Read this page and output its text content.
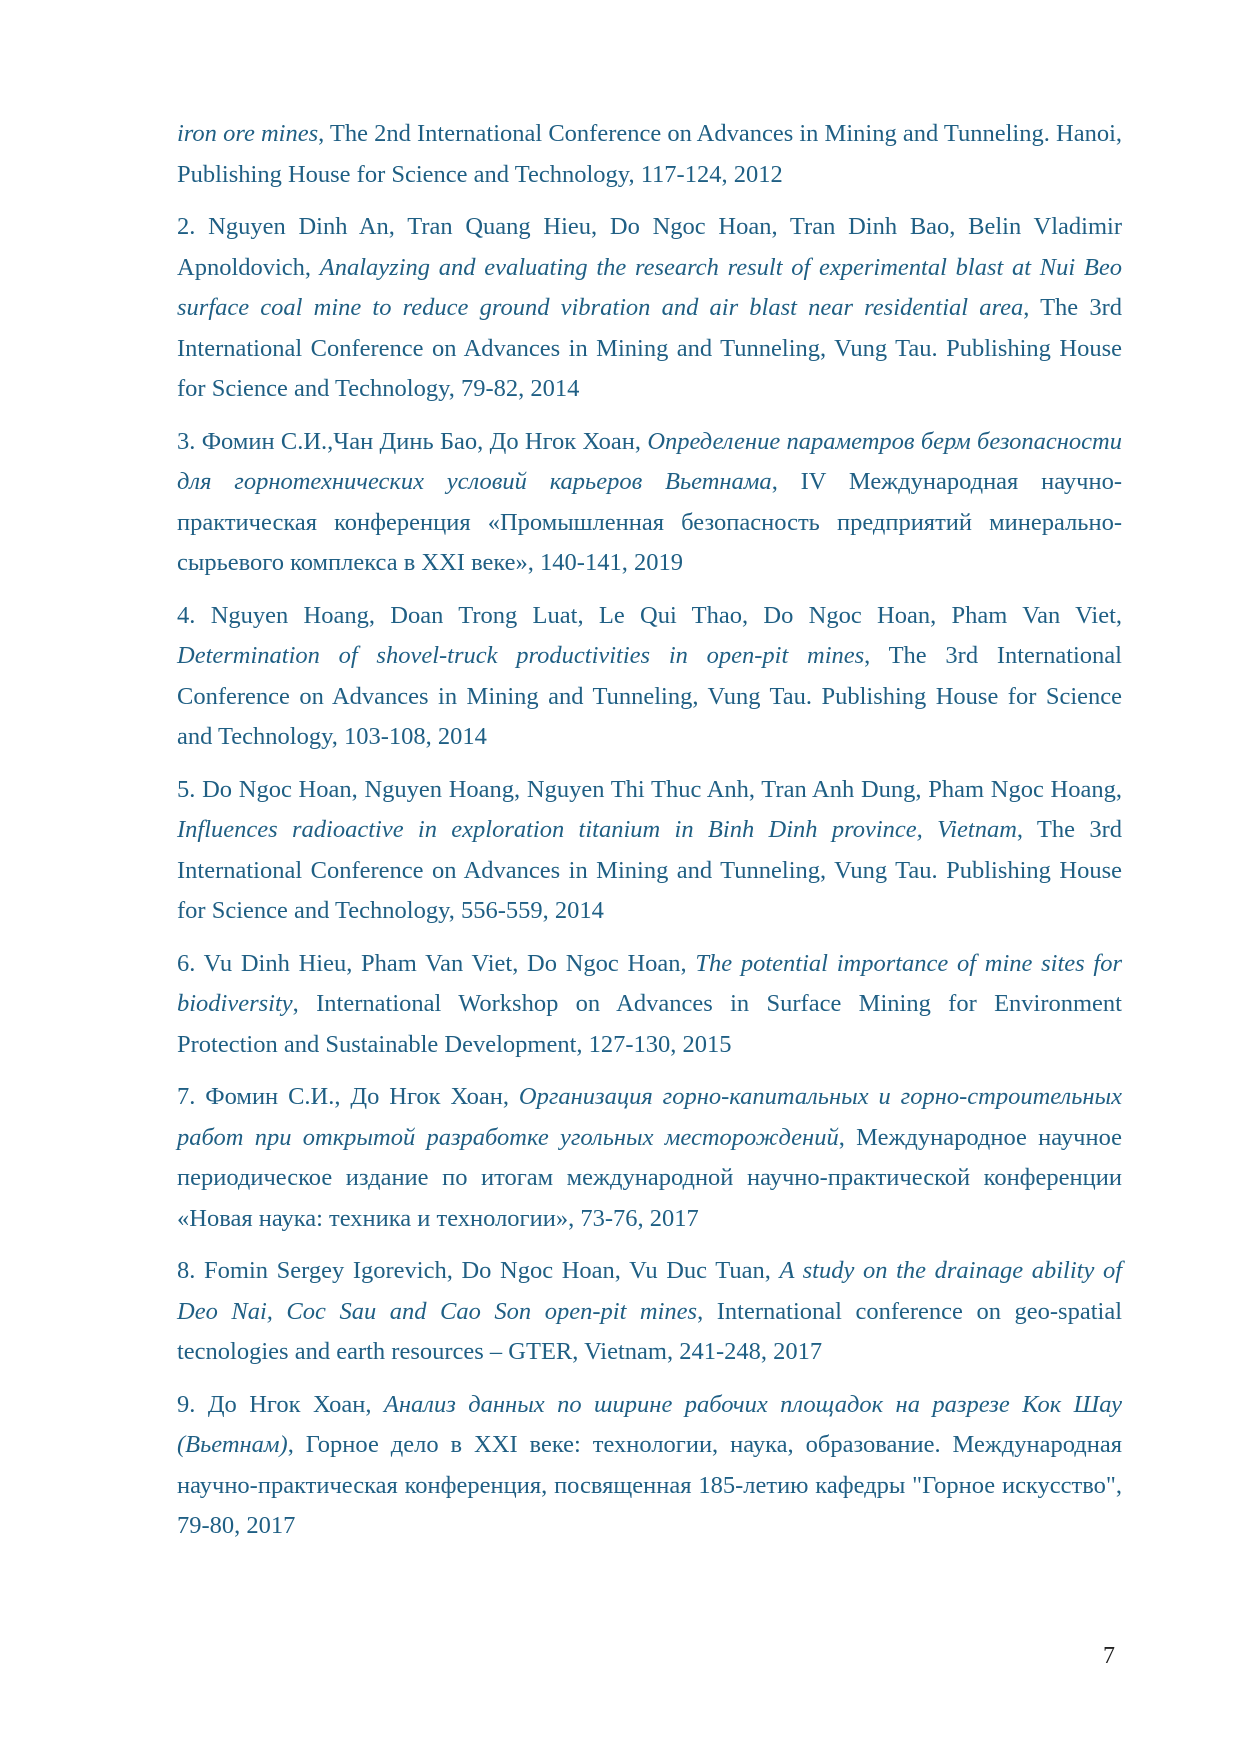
iron ore mines, The 2nd International Conference on Advances in Mining and Tunneling. Hanoi, Publishing House for Science and Technology, 117-124, 2012

2. Nguyen Dinh An, Tran Quang Hieu, Do Ngoc Hoan, Tran Dinh Bao, Belin Vladimir Apnoldovich, Analayzing and evaluating the research result of experimental blast at Nui Beo surface coal mine to reduce ground vibration and air blast near residential area, The 3rd International Conference on Advances in Mining and Tunneling, Vung Tau. Publishing House for Science and Technology, 79-82, 2014

3. Фомин С.И.,Чан Динь Бао, До Нгок Хоан, Определение параметров берм безопасности для горнотехнических условий карьеров Вьетнама, IV Международная научно-практическая конференция «Промышленная безопасность предприятий минерально-сырьевого комплекса в XXI веке», 140-141, 2019

4. Nguyen Hoang, Doan Trong Luat, Le Qui Thao, Do Ngoc Hoan, Pham Van Viet, Determination of shovel-truck productivities in open-pit mines, The 3rd International Conference on Advances in Mining and Tunneling, Vung Tau. Publishing House for Science and Technology, 103-108, 2014

5. Do Ngoc Hoan, Nguyen Hoang, Nguyen Thi Thuc Anh, Tran Anh Dung, Pham Ngoc Hoang, Influences radioactive in exploration titanium in Binh Dinh province, Vietnam, The 3rd International Conference on Advances in Mining and Tunneling, Vung Tau. Publishing House for Science and Technology, 556-559, 2014

6. Vu Dinh Hieu, Pham Van Viet, Do Ngoc Hoan, The potential importance of mine sites for biodiversity, International Workshop on Advances in Surface Mining for Environment Protection and Sustainable Development, 127-130, 2015

7. Фомин С.И., До Нгок Хоан, Организация горно-капитальных и горно-строительных работ при открытой разработке угольных месторождений, Международное научное периодическое издание по итогам международной научно-практической конференции «Новая наука: техника и технологии», 73-76, 2017

8. Fomin Sergey Igorevich, Do Ngoc Hoan, Vu Duc Tuan, A study on the drainage ability of Deo Nai, Coc Sau and Cao Son open-pit mines, International conference on geo-spatial tecnologies and earth resources – GTER, Vietnam, 241-248, 2017

9. До Нгок Хоан, Анализ данных по ширине рабочих площадок на разрезе Кок Шау (Вьетнам), Горное дело в XXI веке: технологии, наука, образование. Международная научно-практическая конференция, посвященная 185-летию кафедры "Горное искусство", 79-80, 2017

7
